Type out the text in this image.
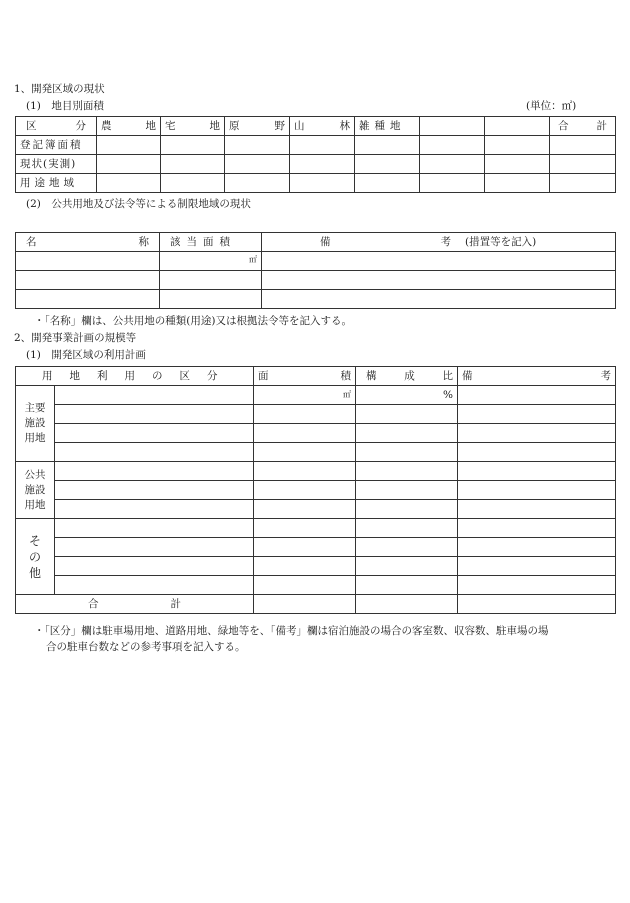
1、開発区域の現状
(1)　地目別面積	(単位：㎡)
区 分	農 地	宅 地	原 野	山 林	雑種地			合 計

登記簿面積								
現状(実測)								
用途地域								
(2)　公共用地及び法令等による制限地域の現状
名 称	該当面積	備 考 (措置等を記入)
	㎡	

・「名称」欄は、公共用地の種類(用途)又は根拠法令等を記入する。
2、開発事業計画の規模等
(1)　開発区域の利用計画
用地利用の区分		面 積	構 成 比	備 考

主要施設用地		㎡	%	

公共施設用地				

その他				

合 計				

・「区分」欄は駐車場用地、道路用地、緑地等を、「備考」欄は宿泊施設の場合の客室数、収容数、駐車場の場
合の駐車台数などの参考事項を記入する。
